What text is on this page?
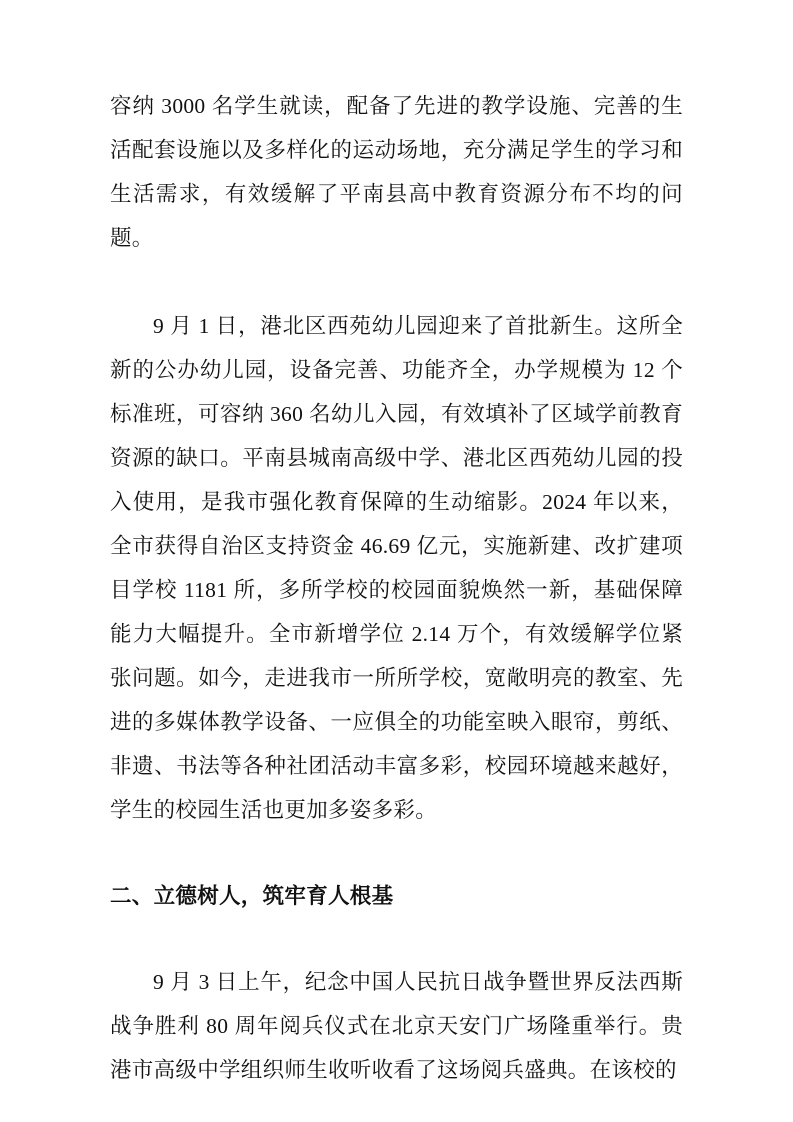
容纳 3000 名学生就读，配备了先进的教学设施、完善的生活配套设施以及多样化的运动场地，充分满足学生的学习和生活需求，有效缓解了平南县高中教育资源分布不均的问题。

9 月 1 日，港北区西苑幼儿园迎来了首批新生。这所全新的公办幼儿园，设备完善、功能齐全，办学规模为 12 个标准班，可容纳 360 名幼儿入园，有效填补了区域学前教育资源的缺口。平南县城南高级中学、港北区西苑幼儿园的投入使用，是我市强化教育保障的生动缩影。2024 年以来，全市获得自治区支持资金 46.69 亿元，实施新建、改扩建项目学校 1181 所，多所学校的校园面貌焕然一新，基础保障能力大幅提升。全市新增学位 2.14 万个，有效缓解学位紧张问题。如今，走进我市一所所学校，宽敞明亮的教室、先进的多媒体教学设备、一应俱全的功能室映入眼帘，剪纸、非遗、书法等各种社团活动丰富多彩，校园环境越来越好，学生的校园生活也更加多姿多彩。

二、立德树人，筑牢育人根基

9 月 3 日上午，纪念中国人民抗日战争暨世界反法西斯战争胜利 80 周年阅兵仪式在北京天安门广场隆重举行。贵港市高级中学组织师生收听收看了这场阅兵盛典。在该校的
